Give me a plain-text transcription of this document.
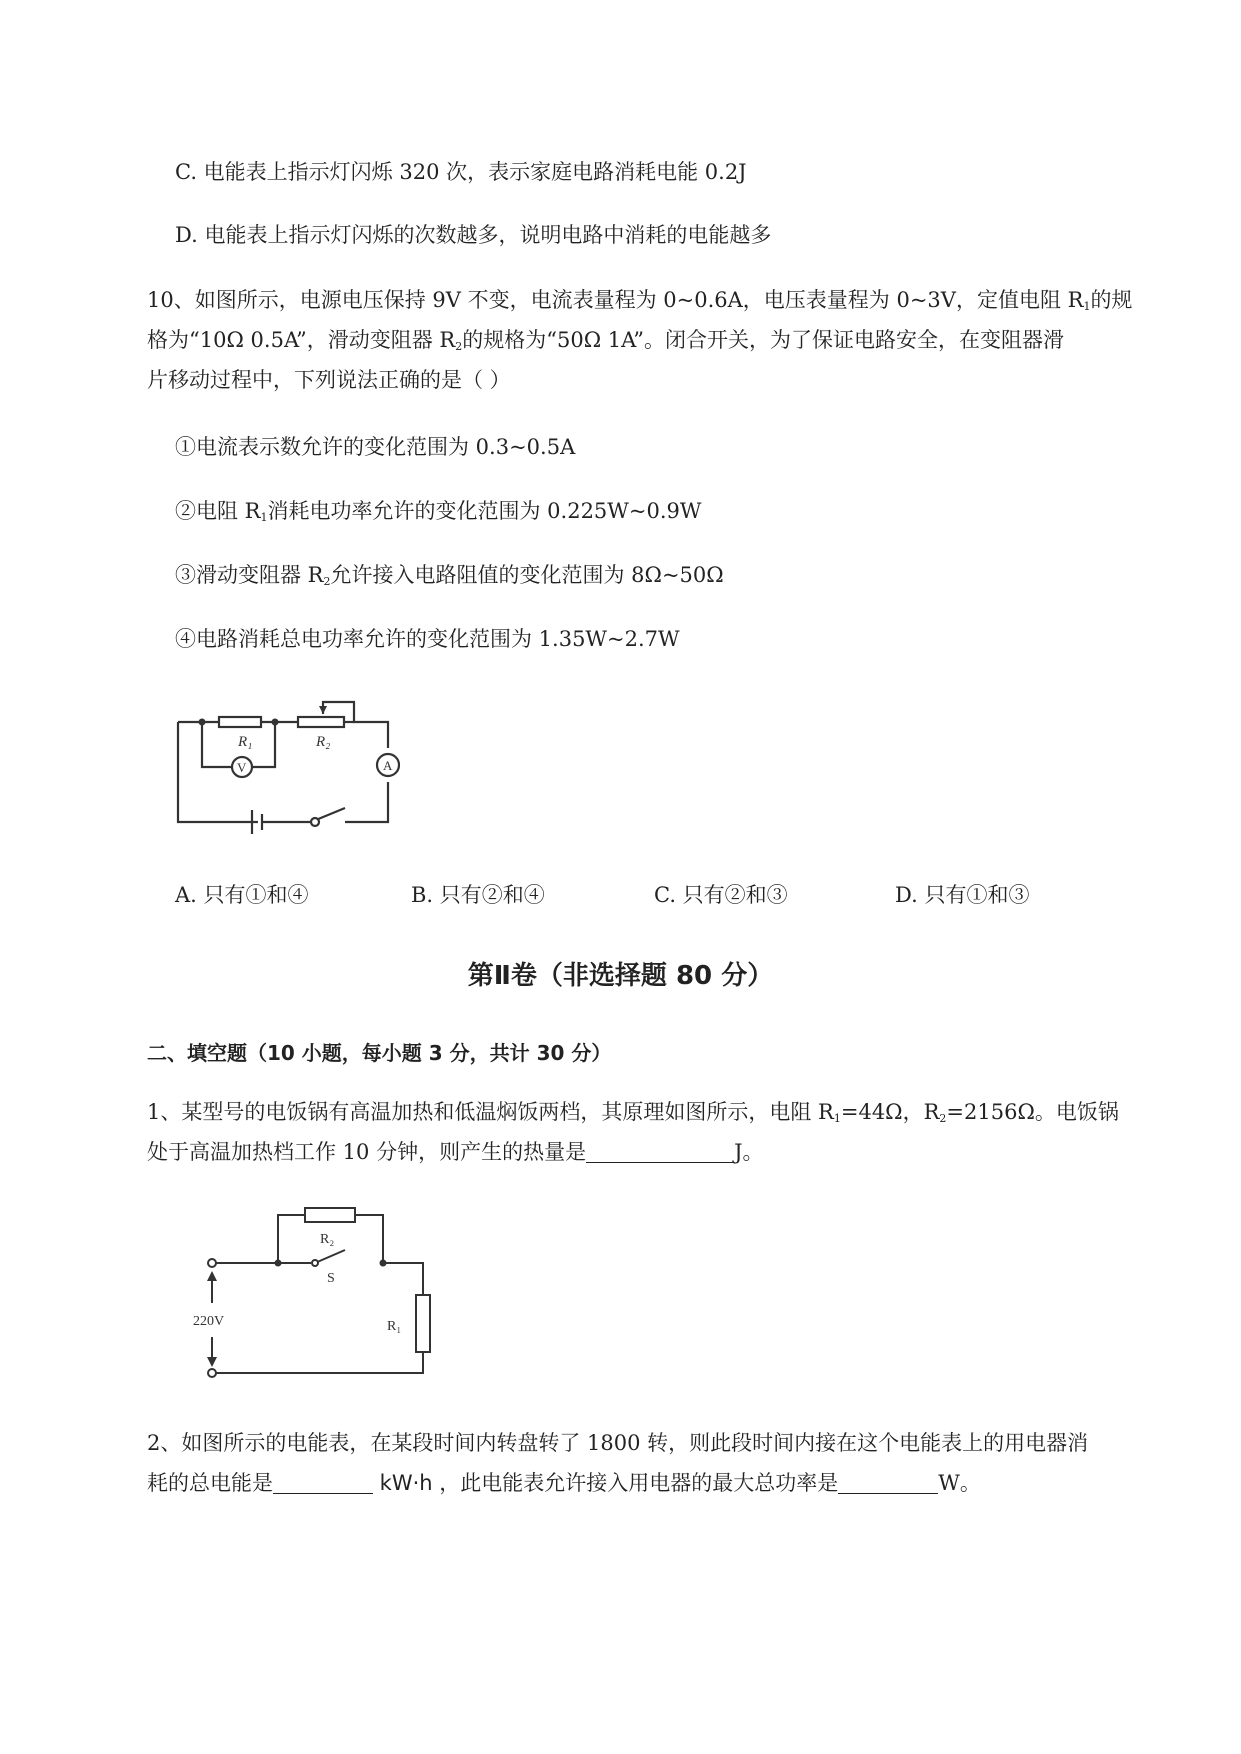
C. 电能表上指示灯闪烁 320 次，表示家庭电路消耗电能 0.2J
D. 电能表上指示灯闪烁的次数越多，说明电路中消耗的电能越多
10、如图所示，电源电压保持 9V 不变，电流表量程为 0~0.6A，电压表量程为 0~3V，定值电阻 $R_1$的规
格为“10Ω 0.5A”，滑动变阻器 $R_2$的规格为“50Ω 1A”。闭合开关，为了保证电路安全，在变阻器滑
片移动过程中，下列说法正确的是（ ）
①电流表示数允许的变化范围为 0.3~0.5A
②电阻 $R_1$消耗电功率允许的变化范围为 0.225W~0.9W
③滑动变阻器 $R_2$允许接入电路阻值的变化范围为 8Ω~50Ω
④电路消耗总电功率允许的变化范围为 1.35W~2.7W
R₁	R₂
V	A
A. 只有①和④	B. 只有②和④	C. 只有②和③	D. 只有①和③
第Ⅱ卷（非选择题 80 分）
二、填空题（10 小题，每小题 3 分，共计 30 分）
1、某型号的电饭锅有高温加热和低温焖饭两档，其原理如图所示，电阻 $R_1=44\Omega$，$R_2=2156\Omega$。电饭锅
处于高温加热档工作 10 分钟，则产生的热量是	J。
R₂
S
R₁
220V
2、如图所示的电能表，在某段时间内转盘转了 1800 转，则此段时间内接在这个电能表上的用电器消
耗的总电能是	kW·h ，此电能表允许接入用电器的最大总功率是	W。
